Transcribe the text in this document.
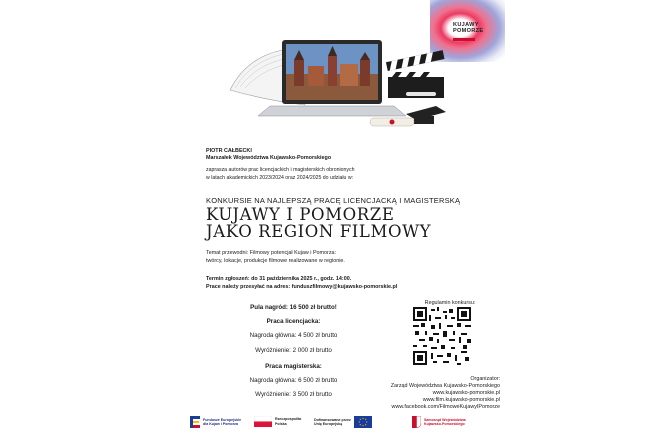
KUJAWY
POMORZE
PIOTR CAŁBECKI
Marszałek Województwa Kujawsko-Pomorskiego
zaprasza autorów prac licencjackich i magisterskich obronionych
w latach akademickich 2023/2024 oraz 2024/2025 do udziału w:
KONKURSIE NA NAJLEPSZĄ PRACĘ LICENCJACKĄ I MAGISTERSKĄ
KUJAWY I POMORZE
JAKO REGION FILMOWY
Temat przewodni: Filmowy potencjał Kujaw i Pomorza:
twórcy, lokacje, produkcje filmowe realizowane w regionie.
Termin zgłoszeń: do 31 października 2025 r., godz. 14:00.
Prace należy przesyłać na adres: funduszfilmowy@kujawsko-pomorskie.pl
Pula nagród: 16 500 zł brutto!
Praca licencjacka:
Nagroda główna: 4 500 zł brutto
Wyróżnienie: 2 000 zł brutto
Praca magisterska:
Nagroda główna: 6 500 zł brutto
Wyróżnienie: 3 500 zł brutto
Regulamin konkursu:
Organizator:
Zarząd Województwa Kujawsko-Pomorskiego
www.kujawsko-pomorskie.pl
www.film.kujawsko-pomorskie.pl
www.facebook.com/FilmoweKujawyIPomorze
Fundusze Europejskie
dla Kujaw i Pomorza
Rzeczpospolita
Polska
Dofinansowane przez
Unię Europejską
Samorząd Województwa
Kujawsko-Pomorskiego
